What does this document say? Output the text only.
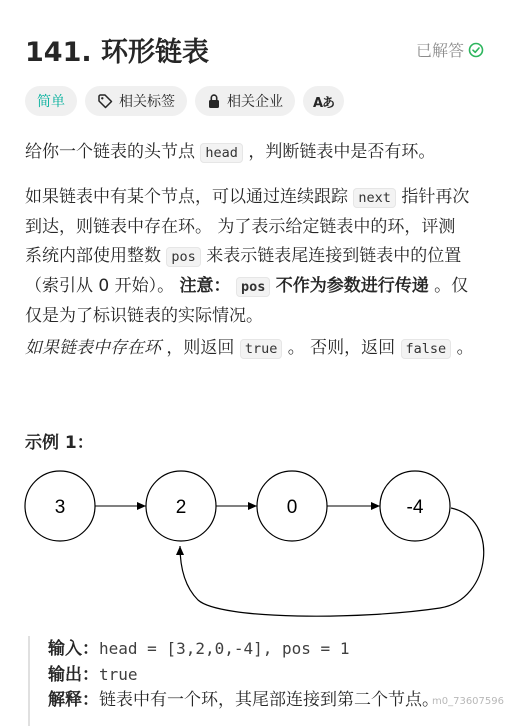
141. 环形链表	已解答
简单	相关标签	相关企业 Aあ
给你一个链表的头节点 head ，判断链表中是否有环。
如果链表中有某个节点，可以通过连续跟踪 next 指针再次
到达，则链表中存在环。 为了表示给定链表中的环，评测
系统内部使用整数 pos 来表示链表尾连接到链表中的位置
（索引从 0 开始）。 注意： pos 不作为参数进行传递 。仅
仅是为了标识链表的实际情况。
如果链表中存在环 ，则返回 true 。 否则，返回 false 。
示例 1：
3	2	0	-4
输入：head = [3,2,0,-4], pos = 1
输出：true
解释：链表中有一个环，其尾部连接到第二个节点。
m0_73607596
